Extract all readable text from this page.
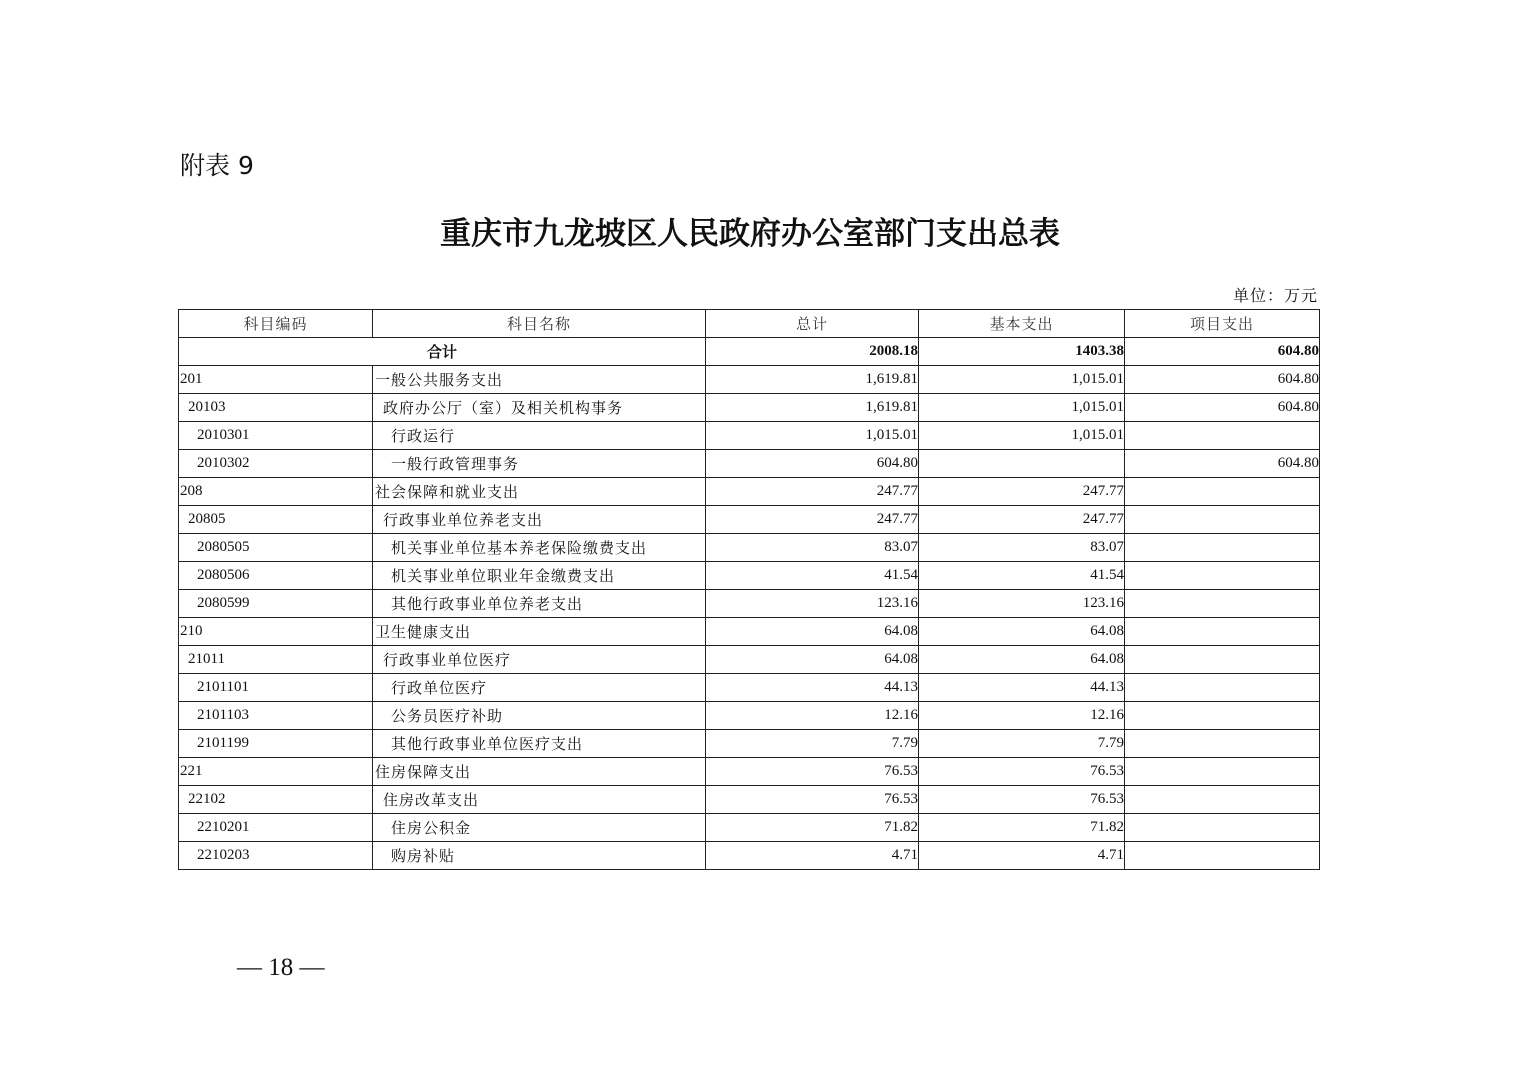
附表 9
重庆市九龙坡区人民政府办公室部门支出总表
单位：万元
科目编码	科目名称	总计	基本支出	项目支出
合计		2008.18	1403.38	604.80
201	一般公共服务支出	1,619.81	1,015.01	604.80
20103	政府办公厅（室）及相关机构事务	1,619.81	1,015.01	604.80
2010301	行政运行	1,015.01	1,015.01	
2010302	一般行政管理事务	604.80		604.80
208	社会保障和就业支出	247.77	247.77	
20805	行政事业单位养老支出	247.77	247.77	
2080505	机关事业单位基本养老保险缴费支出	83.07	83.07	
2080506	机关事业单位职业年金缴费支出	41.54	41.54	
2080599	其他行政事业单位养老支出	123.16	123.16	
210	卫生健康支出	64.08	64.08	
21011	行政事业单位医疗	64.08	64.08	
2101101	行政单位医疗	44.13	44.13	
2101103	公务员医疗补助	12.16	12.16	
2101199	其他行政事业单位医疗支出	7.79	7.79	
221	住房保障支出	76.53	76.53	
22102	住房改革支出	76.53	76.53	
2210201	住房公积金	71.82	71.82	
2210203	购房补贴	4.71	4.71	
— 18 —
